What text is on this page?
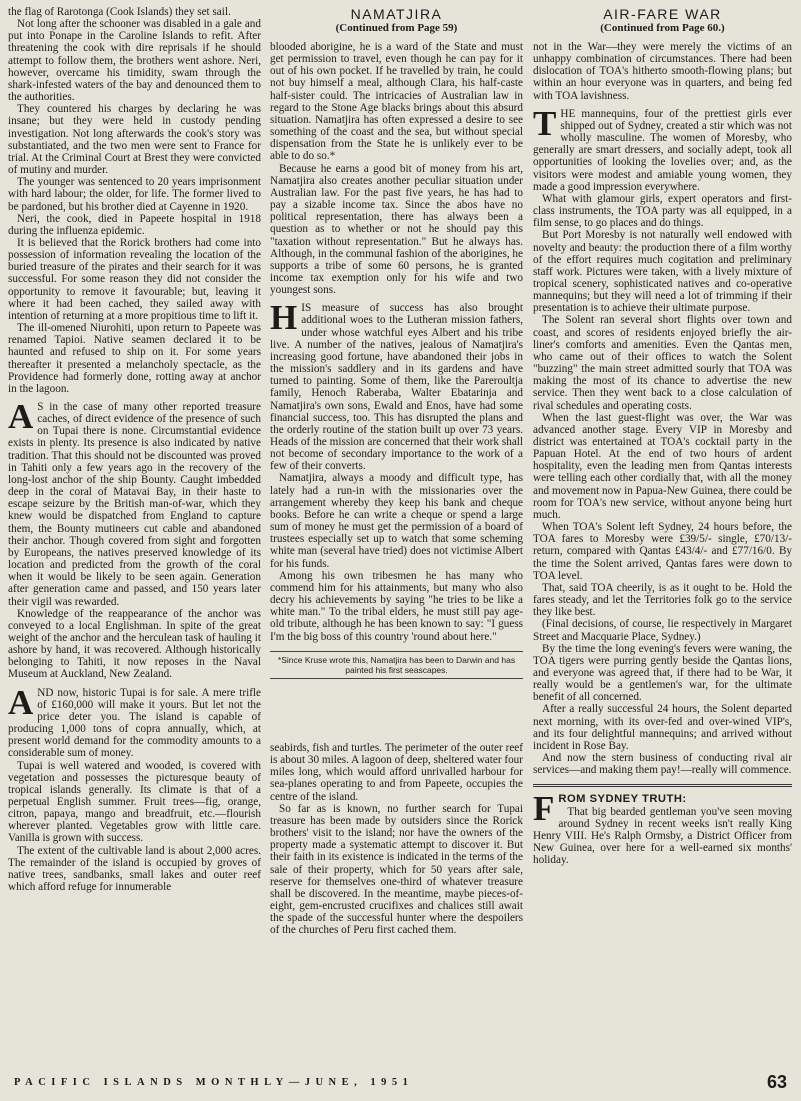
the flag of Rarotonga (Cook Islands) they set sail.

Not long after the schooner was disabled in a gale and put into Ponape in the Caroline Islands to refit. After threatening the cook with dire reprisals if he should attempt to follow them, the brothers went ashore. Neri, however, overcame his timidity, swam through the shark-infested waters of the bay and denounced them to the authorities.

They countered his charges by declaring he was insane; but they were held in custody pending investigation. Not long afterwards the cook's story was substantiated, and the two men were sent to France for trial. At the Criminal Court at Brest they were convicted of mutiny and murder.

The younger was sentenced to 20 years imprisonment with hard labour; the older, for life. The former lived to be pardoned, but his brother died at Cayenne in 1920.

Neri, the cook, died in Papeete hospital in 1918 during the influenza epidemic.

It is believed that the Rorick brothers had come into possession of information revealing the location of the buried treasure of the pirates and their search for it was successful. For some reason they did not consider the opportunity to remove it favourable; but, leaving it where it had been cached, they sailed away with intention of returning at a more propitious time to lift it.

The ill-omened Niurohiti, upon return to Papeete was renamed Tapioi. Native seamen declared it to be haunted and refused to ship on it. For some years thereafter it presented a melancholy spectacle, as the Providence had formerly done, rotting away at anchor in the lagoon.

A S in the case of many other reported treasure caches, of direct evidence of the presence of such on Tupai there is none. Circumstantial evidence exists in plenty. Its presence is also indicated by native tradition. That this should not be discounted was proved in Tahiti only a few years ago in the recovery of the long-lost anchor of the ship Bounty. Caught imbedded deep in the coral of Matavai Bay, in their haste to escape seizure by the British man-of-war, which they knew would be dispatched from England to capture them, the Bounty mutineers cut cable and abandoned their anchor. Though covered from sight and forgotten by Europeans, the natives preserved knowledge of its location and predicted from the growth of the coral when it would be likely to be seen again. Generation after generation came and passed, and 150 years later their vigil was rewarded.

Knowledge of the reappearance of the anchor was conveyed to a local Englishman. In spite of the great weight of the anchor and the herculean task of hauling it ashore by hand, it was recovered. Although historically belonging to Tahiti, it now reposes in the Naval Museum at Auckland, New Zealand.

AND now, historic Tupai is for sale. A mere trifle of £160,000 will make it yours. But let not the price deter you. The island is capable of producing 1,000 tons of copra annually, which, at present world demand for the commodity amounts to a considerable sum of money.

Tupai is well watered and wooded, is covered with vegetation and possesses the picturesque beauty of tropical islands generally. Its climate is that of a perpetual English summer. Fruit trees—fig, orange, citron, papaya, mango and breadfruit, etc.—flourish wherever planted. Vegetables grow with little care. Vanilla is grown with success.

The extent of the cultivable land is about 2,000 acres. The remainder of the island is occupied by groves of native trees, sandbanks, small lakes and outer reef which afford refuge for innumerable

NAMATJIRA
(Continued from Page 59)

blooded aborigine, he is a ward of the State and must get permission to travel, even though he can pay for it out of his own pocket. If he travelled by train, he could not buy himself a meal, although Clara, his half-caste half-sister could. The intricacies of Australian law in regard to the Stone Age blacks brings about this absurd situation. Namatjira has often expressed a desire to see something of the coast and the sea, but without special dispensation from the State he is unlikely ever to be able to do so.*

Because he earns a good bit of money from his art, Namatjira also creates another peculiar situation under Australian law. For the past five years, he has had to pay a sizable income tax. Since the abos have no political representation, there has always been a question as to whether or not he should pay this "taxation without representation." But he always has. Although, in the communal fashion of the aborigines, he supports a tribe of some 60 persons, he is granted income tax exemption only for his wife and two youngest sons.

HIS measure of success has also brought additional woes to the Lutheran mission fathers, under whose watchful eyes Albert and his tribe live. A number of the natives, jealous of Namatjira's increasing good fortune, have abandoned their jobs in the mission's saddlery and in its gardens and have turned to painting. Some of them, like the Pareroultja family, Henoch Raberaba, Walter Ebatarinja and Namatjira's own sons, Ewald and Enos, have had some financial success, too. This has disrupted the plans and the orderly routine of the station built up over 73 years. Heads of the mission are concerned that their work shall not become of secondary importance to the work of a few of their converts.

Namatjira, always a moody and difficult type, has lately had a run-in with the missionaries over the arrangement whereby they keep his bank and cheque books. Before he can write a cheque or spend a large sum of money he must get the permission of a board of trustees especially set up to watch that some scheming white man (several have tried) does not victimise Albert for his funds.

Among his own tribesmen he has many who commend him for his attainments, but many who also decry his achievements by saying "he tries to be like a white man." To the tribal elders, he must still pay age-old tribute, although he has been known to say: "I guess I'm the big boss of this country 'round about here."

*Since Kruse wrote this, Namatjira has been to Darwin and has painted his first seascapes.

seabirds, fish and turtles. The perimeter of the outer reef is about 30 miles. A lagoon of deep, sheltered water four miles long, which would afford unrivalled harbour for sea-planes operating to and from Papeete, occupies the centre of the island.

So far as is known, no further search for Tupai treasure has been made by outsiders since the Rorick brothers' visit to the island; nor have the owners of the property made a systematic attempt to discover it. But their faith in its existence is indicated in the terms of the sale of their property, which for 50 years after sale, reserve for themselves one-third of whatever treasure shall be discovered. In the meantime, maybe pieces-of-eight, gem-encrusted crucifixes and chalices still await the spade of the successful hunter where the despoilers of the churches of Peru first cached them.

AIR-FARE WAR
(Continued from Page 60.)

not in the War—they were merely the victims of an unhappy combination of circumstances. There had been dislocation of TOA's hitherto smooth-flowing plans; but within an hour everyone was in quarters, and being fed with TOA lavishness.

THE mannequins, four of the prettiest girls ever shipped out of Sydney, created a stir which was not wholly masculine. The women of Moresby, who generally are smart dressers, and socially adept, took all opportunities of looking the lovelies over; and, as the visitors were modest and amiable young women, they made a good impression everywhere.

What with glamour girls, expert operators and first-class instruments, the TOA party was all equipped, in a film sense, to go places and do things.

But Port Moresby is not naturally well endowed with novelty and beauty: the production there of a film worthy of the effort requires much cogitation and preliminary staff work. Pictures were taken, with a lively mixture of tropical scenery, sophisticated natives and co-operative mannequins; but they will need a lot of trimming if their presentation is to achieve their ultimate purpose.

The Solent ran several short flights over town and coast, and scores of residents enjoyed briefly the air-liner's comforts and amenities. Even the Qantas men, who came out of their offices to watch the Solent "buzzing" the main street admitted sourly that TOA was making the most of its chance to advertise the new service. Then they went back to a close calculation of rival schedules and operating costs.

When the last guest-flight was over, the War was advanced another stage. Every VIP in Moresby and district was entertained at TOA's cocktail party in the Papuan Hotel. At the end of two hours of ardent hospitality, even the leading men from Qantas interests were telling each other cordially that, with all the money and movement now in Papua-New Guinea, there could be room for TOA's new service, without anyone being hurt much.

When TOA's Solent left Sydney, 24 hours before, the TOA fares to Moresby were £39/5/- single, £70/13/- return, compared with Qantas £43/4/- and £77/16/0. By the time the Solent arrived, Qantas fares were down to TOA level.

That, said TOA cheerily, is as it ought to be. Hold the fares steady, and let the Territories folk go to the service they like best.

(Final decisions, of course, lie respectively in Margaret Street and Macquarie Place, Sydney.)

By the time the long evening's fevers were waning, the TOA tigers were purring gently beside the Qantas lions, and everyone was agreed that, if there had to be War, it really would be a gentlemen's war, for the ultimate benefit of all concerned.

After a really successful 24 hours, the Solent departed next morning, with its over-fed and over-wined VIP's, and its four delightful mannequins; and arrived without incident in Rose Bay.

And now the stern business of conducting rival air services—and making them pay!—really will commence.

FROM SYDNEY TRUTH:

That big bearded gentleman you've seen moving around Sydney in recent weeks isn't really King Henry VIII. He's Ralph Ormsby, a District Officer from New Guinea, over here for a well-earned six months' holiday.

PACIFIC ISLANDS MONTHLY—JUNE, 1951	63
